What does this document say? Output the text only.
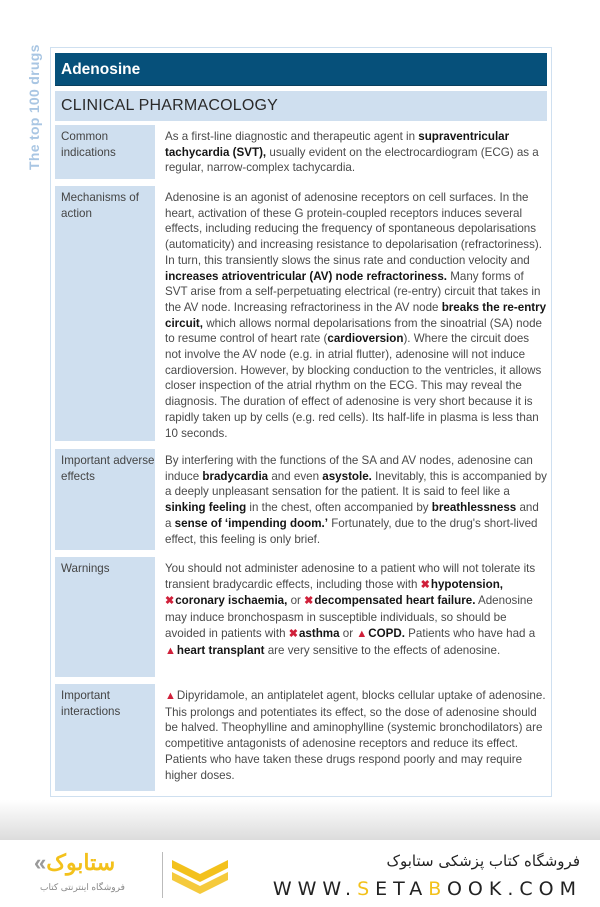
The top 100 drugs	Adenosine
CLINICAL PHARMACOLOGY
Common indications
As a first-line diagnostic and therapeutic agent in supraventricular tachycardia (SVT), usually evident on the electrocardiogram (ECG) as a regular, narrow-complex tachycardia.
Mechanisms of action
Adenosine is an agonist of adenosine receptors on cell surfaces. In the heart, activation of these G protein-coupled receptors induces several effects, including reducing the frequency of spontaneous depolarisations (automaticity) and increasing resistance to depolarisation (refractoriness). In turn, this transiently slows the sinus rate and conduction velocity and increases atrioventricular (AV) node refractoriness. Many forms of SVT arise from a self-perpetuating electrical (re-entry) circuit that takes in the AV node. Increasing refractoriness in the AV node breaks the re-entry circuit, which allows normal depolarisations from the sinoatrial (SA) node to resume control of heart rate (cardioversion). Where the circuit does not involve the AV node (e.g. in atrial flutter), adenosine will not induce cardioversion. However, by blocking conduction to the ventricles, it allows closer inspection of the atrial rhythm on the ECG. This may reveal the diagnosis. The duration of effect of adenosine is very short because it is rapidly taken up by cells (e.g. red cells). Its half-life in plasma is less than 10 seconds.
Important adverse effects
By interfering with the functions of the SA and AV nodes, adenosine can induce bradycardia and even asystole. Inevitably, this is accompanied by a deeply unpleasant sensation for the patient. It is said to feel like a sinking feeling in the chest, often accompanied by breathlessness and a sense of ‘impending doom.’ Fortunately, due to the drug's short-lived effect, this feeling is only brief.
Warnings	You should not administer adenosine to a patient who will not tolerate its transient bradycardic effects, including those with ✖hypotension, ✖coronary ischaemia, or ✖decompensated heart failure. Adenosine may induce bronchospasm in susceptible individuals, so should be avoided in patients with ✖asthma or ▲COPD. Patients who have had a ▲heart transplant are very sensitive to the effects of adenosine.
Important interactions
▲Dipyridamole, an antiplatelet agent, blocks cellular uptake of adenosine. This prolongs and potentiates its effect, so the dose of adenosine should be halved. Theophylline and aminophylline (systemic bronchodilators) are competitive antagonists of adenosine receptors and reduce its effect. Patients who have taken these drugs respond poorly and may require higher doses.
«ستابوک
فروشگاه اینترنتی کتاب
فروشگاه کتاب پزشکی ستابوک
WWW.SETABOOK.COM
